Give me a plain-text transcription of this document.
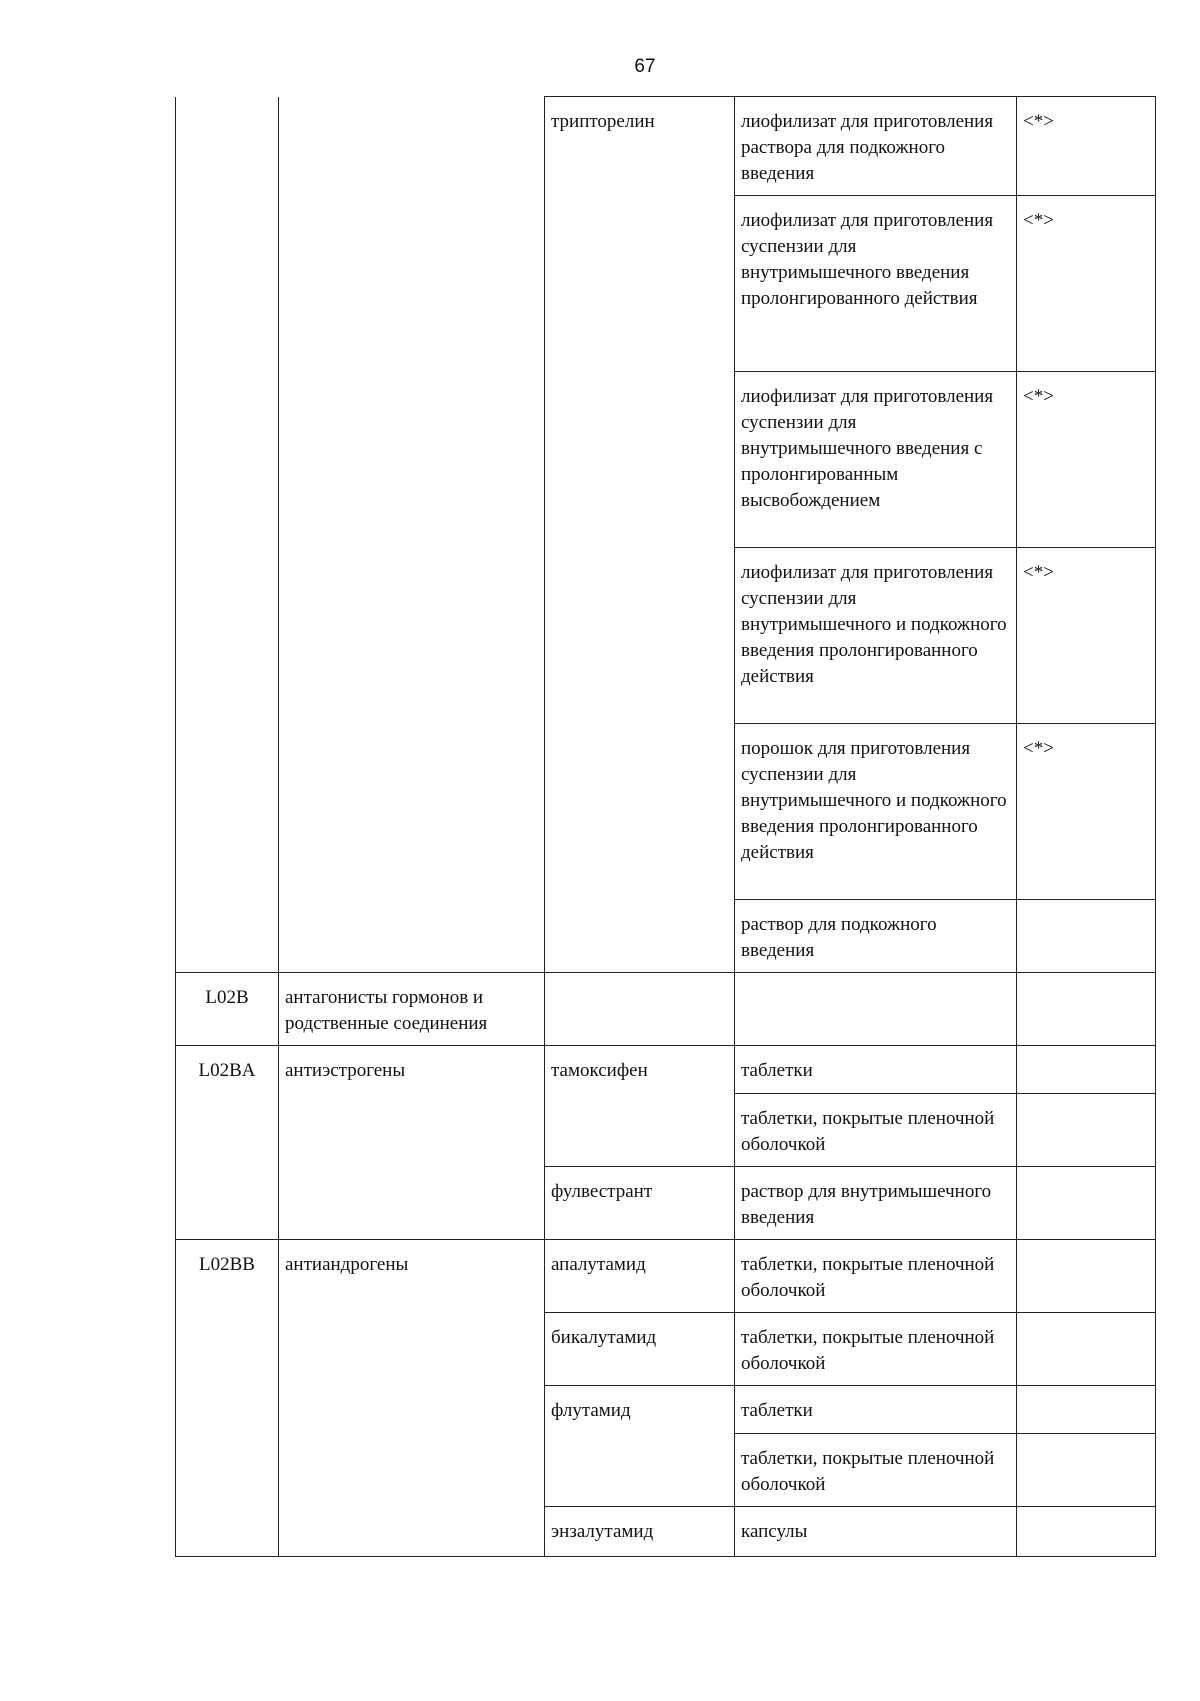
67
		трипторелин	лиофилизат для приготовления раствора для подкожного введения	<*>
			лиофилизат для приготовления суспензии для внутримышечного введения пролонгированного действия	<*>
			лиофилизат для приготовления суспензии для внутримышечного введения с пролонгированным высвобождением	<*>
			лиофилизат для приготовления суспензии для внутримышечного и подкожного введения пролонгированного действия	<*>
			порошок для приготовления суспензии для внутримышечного и подкожного введения пролонгированного действия	<*>
			раствор для подкожного введения	
L02B	антагонисты гормонов и родственные соединения			
L02BA	антиэстрогены	тамоксифен	таблетки	
			таблетки, покрытые пленочной оболочкой	
		фулвестрант	раствор для внутримышечного введения	
L02BB	антиандрогены	апалутамид	таблетки, покрытые пленочной оболочкой	
		бикалутамид	таблетки, покрытые пленочной оболочкой	
		флутамид	таблетки	
			таблетки, покрытые пленочной оболочкой	
		энзалутамид	капсулы	
